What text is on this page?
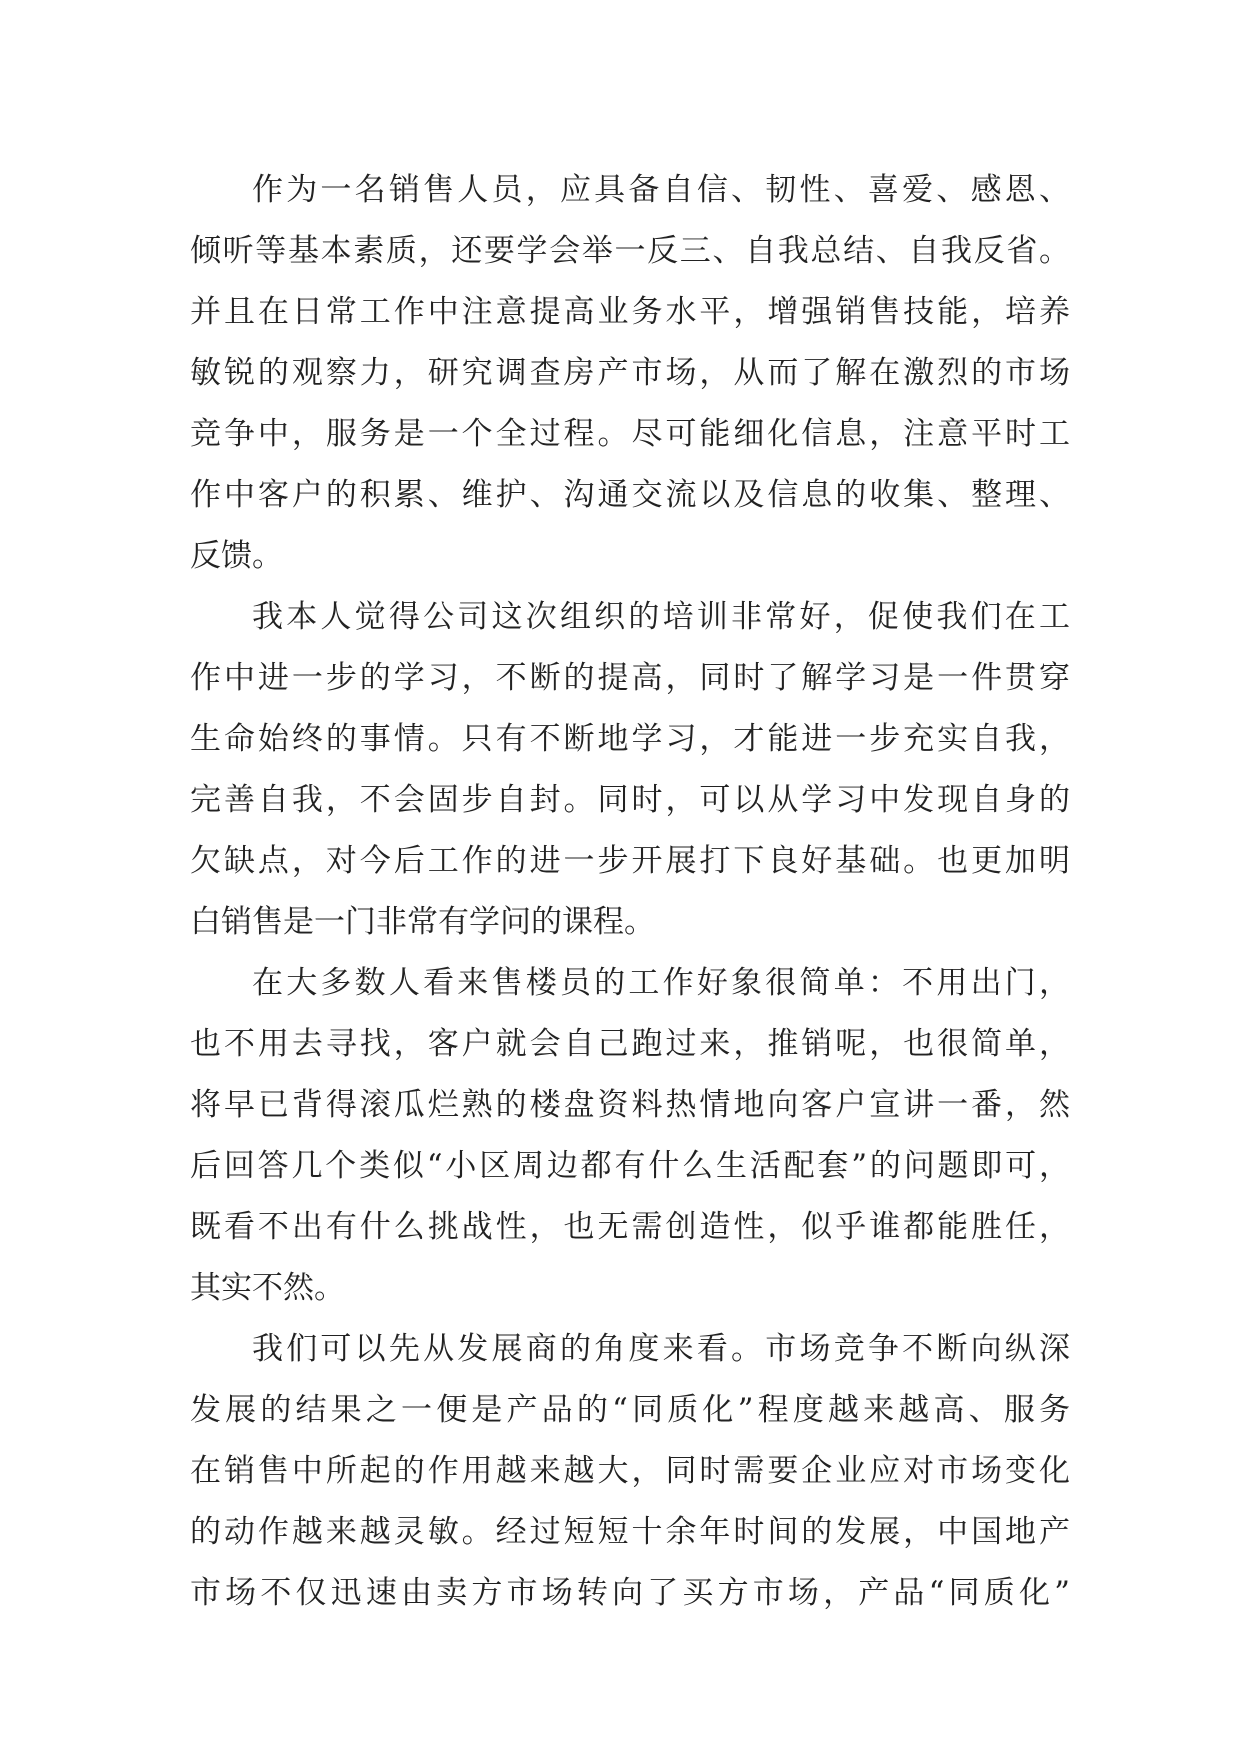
作为一名销售人员，应具备自信、韧性、喜爱、感恩、
倾听等基本素质，还要学会举一反三、自我总结、自我反省。
并且在日常工作中注意提高业务水平，增强销售技能，培养
敏锐的观察力，研究调查房产市场，从而了解在激烈的市场
竞争中，服务是一个全过程。尽可能细化信息，注意平时工
作中客户的积累、维护、沟通交流以及信息的收集、整理、
反馈。
我本人觉得公司这次组织的培训非常好，促使我们在工
作中进一步的学习，不断的提高，同时了解学习是一件贯穿
生命始终的事情。只有不断地学习，才能进一步充实自我，
完善自我，不会固步自封。同时，可以从学习中发现自身的
欠缺点，对今后工作的进一步开展打下良好基础。也更加明
白销售是一门非常有学问的课程。
在大多数人看来售楼员的工作好象很简单：不用出门，
也不用去寻找，客户就会自己跑过来，推销呢，也很简单，
将早已背得滚瓜烂熟的楼盘资料热情地向客户宣讲一番，然
后回答几个类似“小区周边都有什么生活配套”的问题即可，
既看不出有什么挑战性，也无需创造性，似乎谁都能胜任，
其实不然。
我们可以先从发展商的角度来看。市场竞争不断向纵深
发展的结果之一便是产品的“同质化”程度越来越高、服务
在销售中所起的作用越来越大，同时需要企业应对市场变化
的动作越来越灵敏。经过短短十余年时间的发展，中国地产
市场不仅迅速由卖方市场转向了买方市场，产品“同质化”
